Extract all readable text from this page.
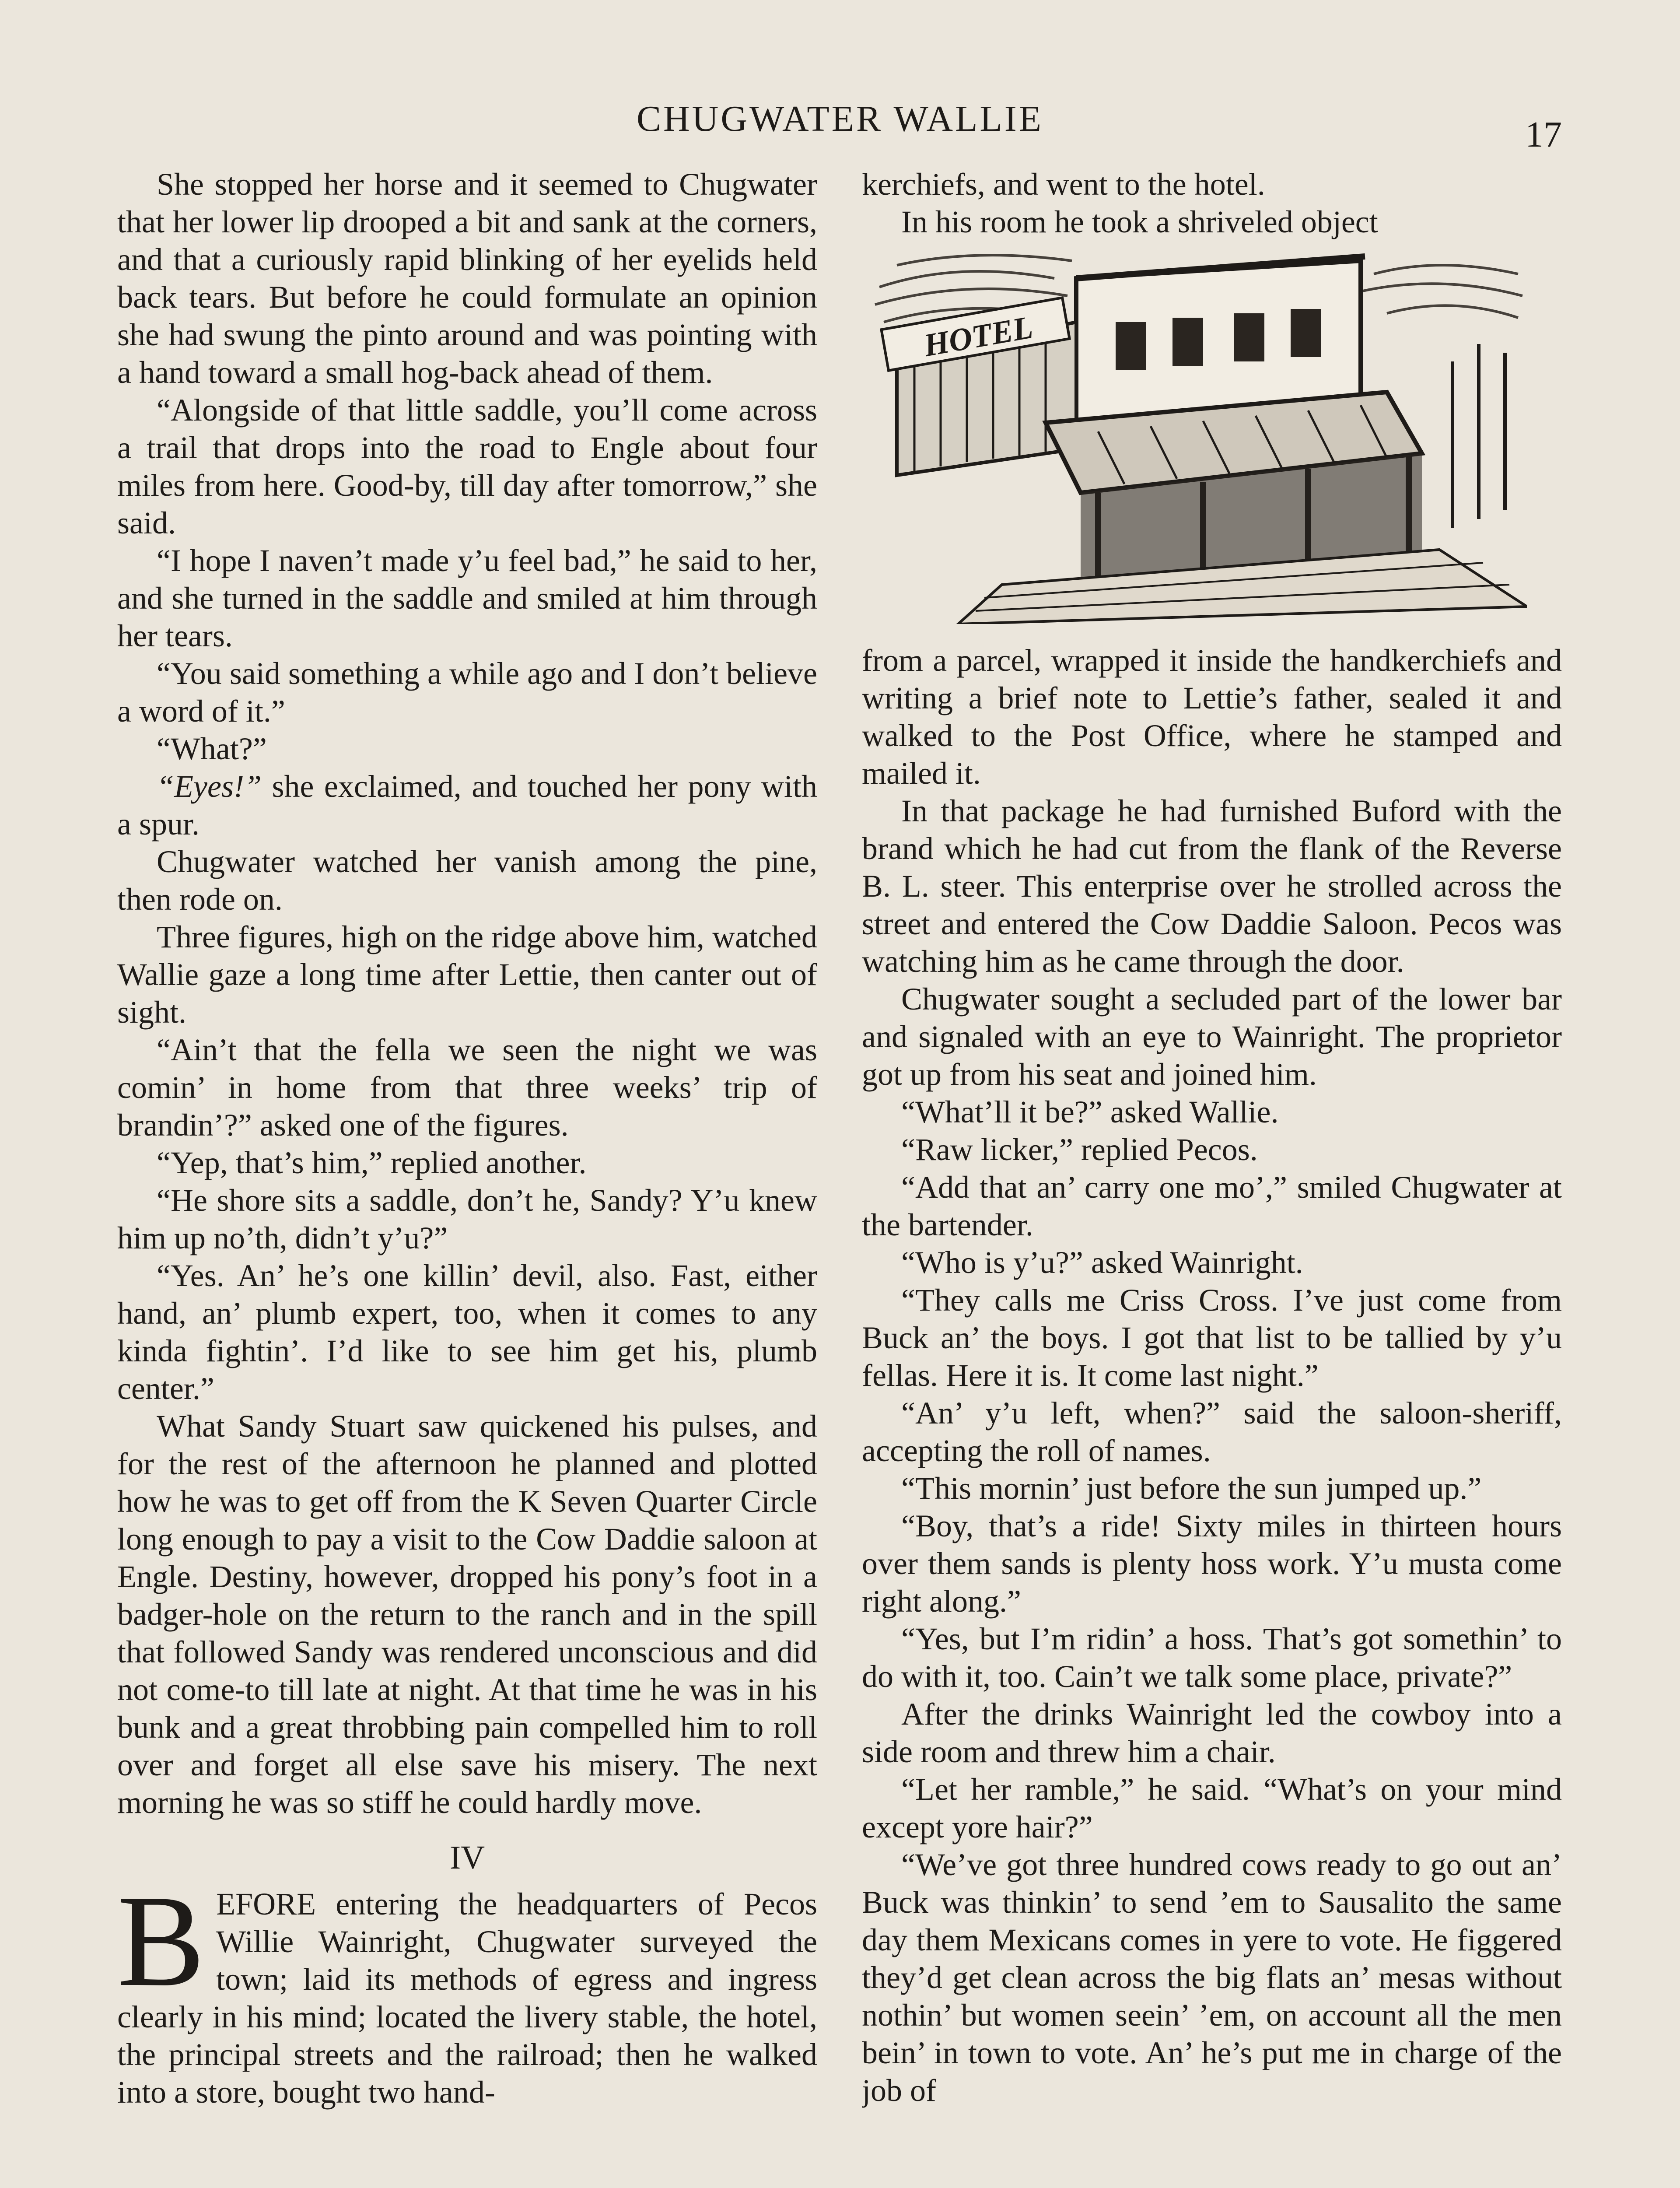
CHUGWATER WALLIE	17

She stopped her horse and it seemed to Chugwater that her lower lip drooped a bit and sank at the corners, and that a curiously rapid blinking of her eyelids held back tears. But before he could formulate an opinion she had swung the pinto around and was pointing with a hand toward a small hog-back ahead of them.

“Alongside of that little saddle, you’ll come across a trail that drops into the road to Engle about four miles from here. Good-by, till day after tomorrow,” she said.

“I hope I naven’t made y’u feel bad,” he said to her, and she turned in the saddle and smiled at him through her tears.

“You said something a while ago and I don’t believe a word of it.”

“What?”

“Eyes!” she exclaimed, and touched her pony with a spur.

Chugwater watched her vanish among the pine, then rode on.

Three figures, high on the ridge above him, watched Wallie gaze a long time after Lettie, then canter out of sight.

“Ain’t that the fella we seen the night we was comin’ in home from that three weeks’ trip of brandin’?” asked one of the figures.

“Yep, that’s him,” replied another.

“He shore sits a saddle, don’t he, Sandy? Y’u knew him up no’th, didn’t y’u?”

“Yes. An’ he’s one killin’ devil, also. Fast, either hand, an’ plumb expert, too, when it comes to any kinda fightin’. I’d like to see him get his, plumb center.”

What Sandy Stuart saw quickened his pulses, and for the rest of the afternoon he planned and plotted how he was to get off from the K Seven Quarter Circle long enough to pay a visit to the Cow Daddie saloon at Engle. Destiny, however, dropped his pony’s foot in a badger-hole on the return to the ranch and in the spill that followed Sandy was rendered unconscious and did not come-to till late at night. At that time he was in his bunk and a great throbbing pain compelled him to roll over and forget all else save his misery. The next morning he was so stiff he could hardly move.

IV

BEFORE entering the headquarters of Pecos Willie Wainright, Chugwater surveyed the town; laid its methods of egress and ingress clearly in his mind; located the livery stable, the hotel, the principal streets and the railroad; then he walked into a store, bought two hand-

kerchiefs, and went to the hotel.

In his room he took a shriveled object

HOTEL

from a parcel, wrapped it inside the handkerchiefs and writing a brief note to Lettie’s father, sealed it and walked to the Post Office, where he stamped and mailed it.

In that package he had furnished Buford with the brand which he had cut from the flank of the Reverse B. L. steer. This enterprise over he strolled across the street and entered the Cow Daddie Saloon. Pecos was watching him as he came through the door.

Chugwater sought a secluded part of the lower bar and signaled with an eye to Wainright. The proprietor got up from his seat and joined him.

“What’ll it be?” asked Wallie.

“Raw licker,” replied Pecos.

“Add that an’ carry one mo’,” smiled Chugwater at the bartender.

“Who is y’u?” asked Wainright.

“They calls me Criss Cross. I’ve just come from Buck an’ the boys. I got that list to be tallied by y’u fellas. Here it is. It come last night.”

“An’ y’u left, when?” said the saloon-sheriff, accepting the roll of names.

“This mornin’ just before the sun jumped up.”

“Boy, that’s a ride! Sixty miles in thirteen hours over them sands is plenty hoss work. Y’u musta come right along.”

“Yes, but I’m ridin’ a hoss. That’s got somethin’ to do with it, too. Cain’t we talk some place, private?”

After the drinks Wainright led the cowboy into a side room and threw him a chair.

“Let her ramble,” he said. “What’s on your mind except yore hair?”

“We’ve got three hundred cows ready to go out an’ Buck was thinkin’ to send ’em to Sausalito the same day them Mexicans comes in yere to vote. He figgered they’d get clean across the big flats an’ mesas without nothin’ but women seein’ ’em, on account all the men bein’ in town to vote. An’ he’s put me in charge of the job of
